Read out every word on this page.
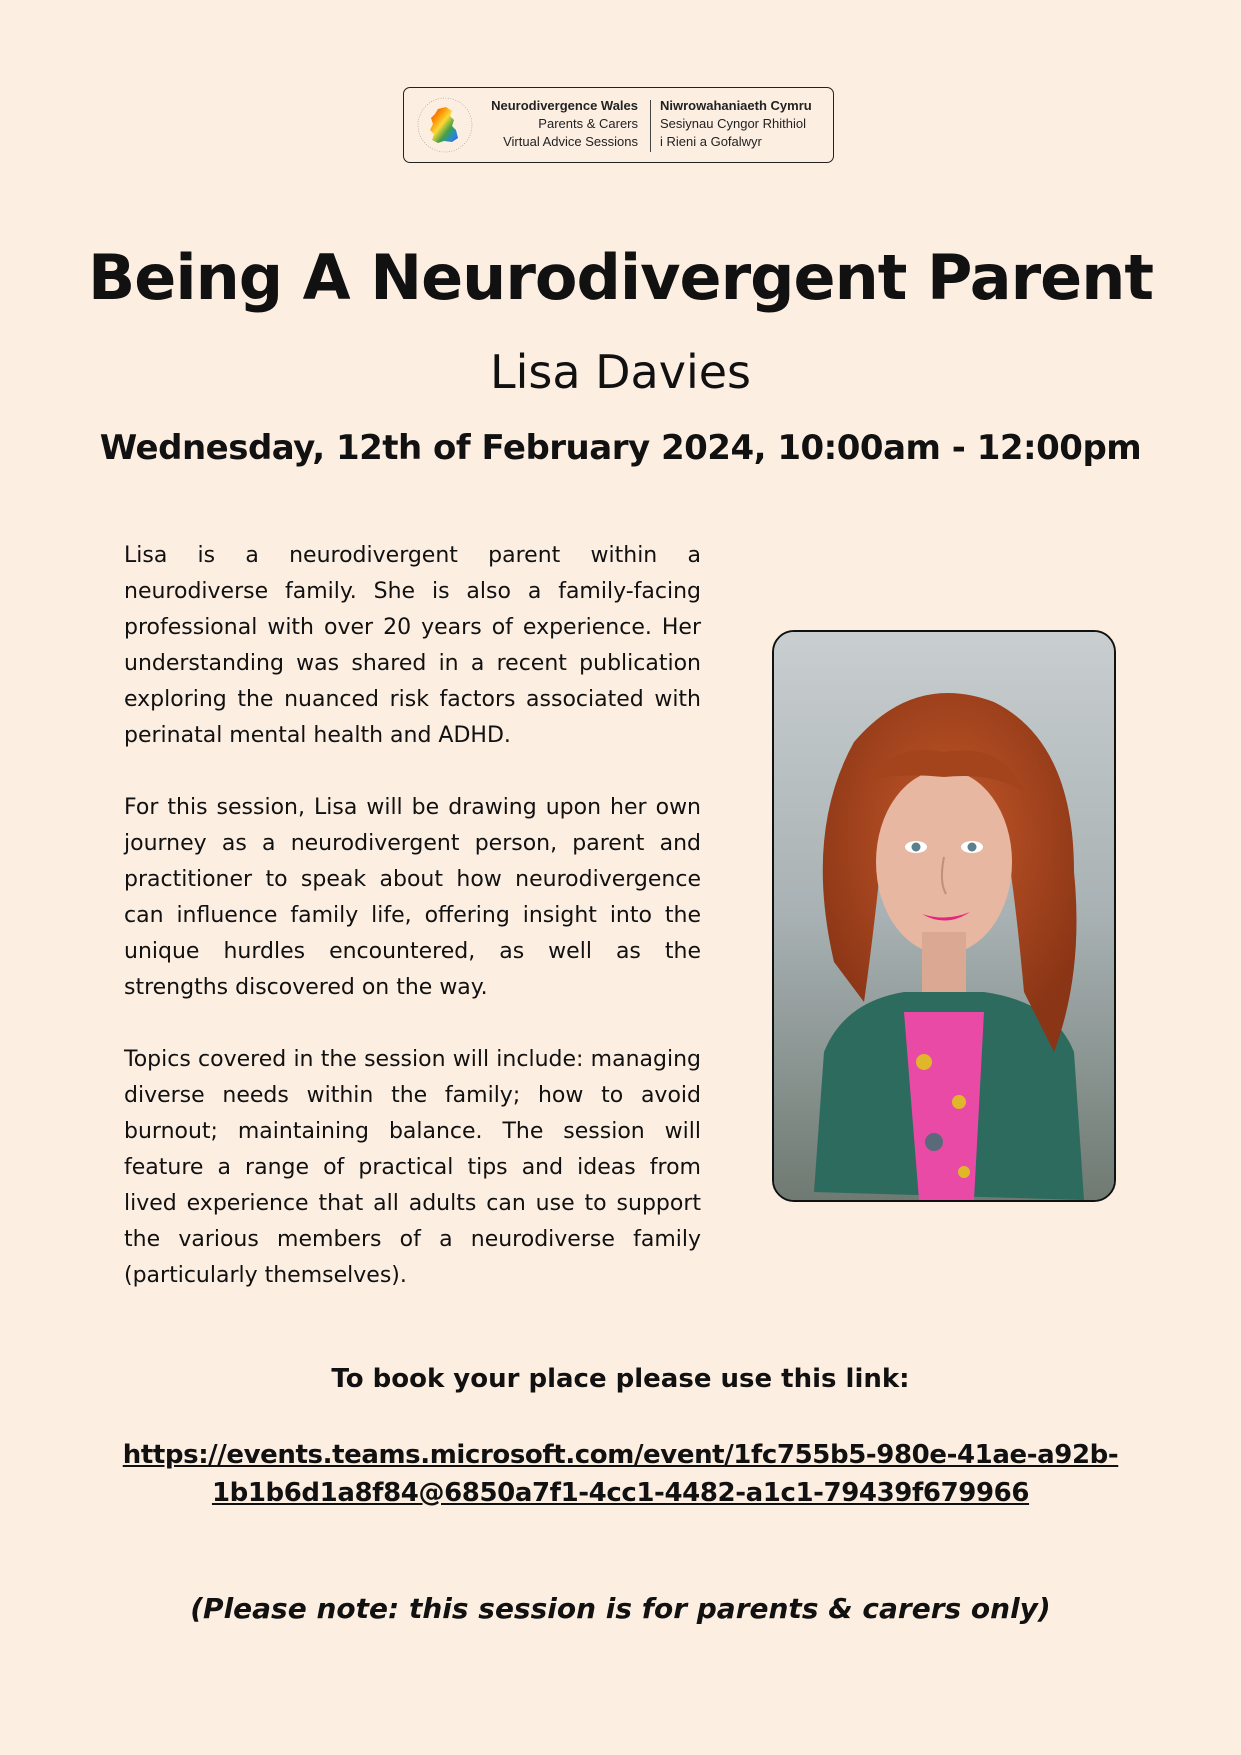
Neurodivergence Wales
Parents & Carers
Virtual Advice Sessions
Niwrowahaniaeth Cymru
Sesiynau Cyngor Rhithiol
i Rieni a Gofalwyr
Being A Neurodivergent Parent
Lisa Davies
Wednesday, 12th of February 2024, 10:00am - 12:00pm

Lisa is a neurodivergent parent within a neurodiverse family. She is also a family-facing professional with over 20 years of experience. Her understanding was shared in a recent publication exploring the nuanced risk factors associated with perinatal mental health and ADHD.

For this session, Lisa will be drawing upon her own journey as a neurodivergent person, parent and practitioner to speak about how neurodivergence can influence family life, offering insight into the unique hurdles encountered, as well as the strengths discovered on the way.

Topics covered in the session will include: managing diverse needs within the family; how to avoid burnout; maintaining balance. The session will feature a range of practical tips and ideas from lived experience that all adults can use to support the various members of a neurodiverse family (particularly themselves).

To book your place please use this link:
https://events.teams.microsoft.com/event/1fc755b5-980e-41ae-a92b-
1b1b6d1a8f84@6850a7f1-4cc1-4482-a1c1-79439f679966
(Please note: this session is for parents & carers only)
